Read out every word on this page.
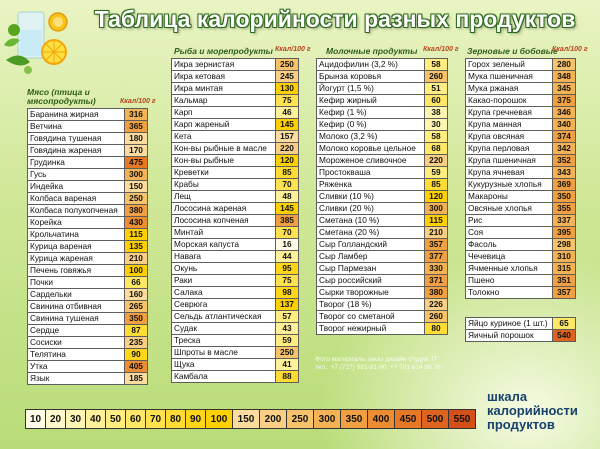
Таблица калорийности разных продуктов
Мясо (птица и мясопродукты)	Ккал/100 г
Рыба и морепродукты Ккал/100 г Молочные продукты Ккал/100 г Зерновые и бобовые
Ккал/100 г
Баранина жирная	316
Ветчина	365
Говядина тушеная	180
Говядина жареная	170
Грудинка	475
Гусь	300
Индейка	150
Колбаса вареная	250
Колбаса полукопченая	380
Корейка	430
Крольчатина	115
Курица вареная	135
Курица жареная	210
Печень говяжья	100
Почки	66
Сардельки	160
Свинина отбивная	265
Свинина тушеная	350
Сердце	87
Сосиски	235
Телятина	90
Утка	405
Язык	185
Икра зернистая	250
Икра кетовая	245
Икра минтая	130
Кальмар	75
Карп	46
Карп жареный	145
Кета	157
Кон-вы рыбные в масле	220
Кон-вы рыбные	120
Креветки	85
Крабы	70
Лещ	48
Лососина жареная	145
Лососина копченая	385
Минтай	70
Морская капуста	16
Навага	44
Окунь	95
Раки	75
Салака	98
Севрюга	137
Сельдь атлантическая	57
Судак	43
Треска	59
Шпроты в масле	250
Щука	41
Камбала	88
Ацидофилин (3,2 %)	58
Брынза коровья	260
Йогурт (1,5 %)	51
Кефир жирный	60
Кефир (1 %)	38
Кефир (0 %)	30
Молоко (3,2 %)	58
Молоко коровье цельное	68
Мороженое сливочное	220
Простокваша	59
Ряженка	85
Сливки (10 %)	120
Сливки (20 %)	300
Сметана (10 %)	115
Сметана (20 %)	210
Сыр Голландский	357
Сыр Ламбер	377
Сыр Пармезан	330
Сыр российский	371
Сырки творожные	380
Творог (18 %)	226
Творог со сметаной	260
Творог нежирный	80
Горох зеленый	280
Мука пшеничная	348
Мука ржаная	345
Какао-порошок	375
Крупа гречневая	346
Крупа манная	340
Крупа овсяная	374
Крупа перловая	342
Крупа пшеничная	352
Крупа ячневая	343
Кукурузные хлопья	369
Макароны	350
Овсяные хлопья	355
Рис	337
Соя	395
Фасоль	298
Чечевица	310
Ячменные хлопья	315
Пшено	351
Толокно	357
Яйцо куриное (1 шт.)	65
Яичный порошок	540
Фото материалы заказ дизайн студия 'IT'
тел.: +7 (727) 981-91-90, +7 701 614 86 76
10	20	30	40	50	60	70	80	90	100	150	200	250	300	350	400	450	500	550
шкала
калорийности
продуктов
